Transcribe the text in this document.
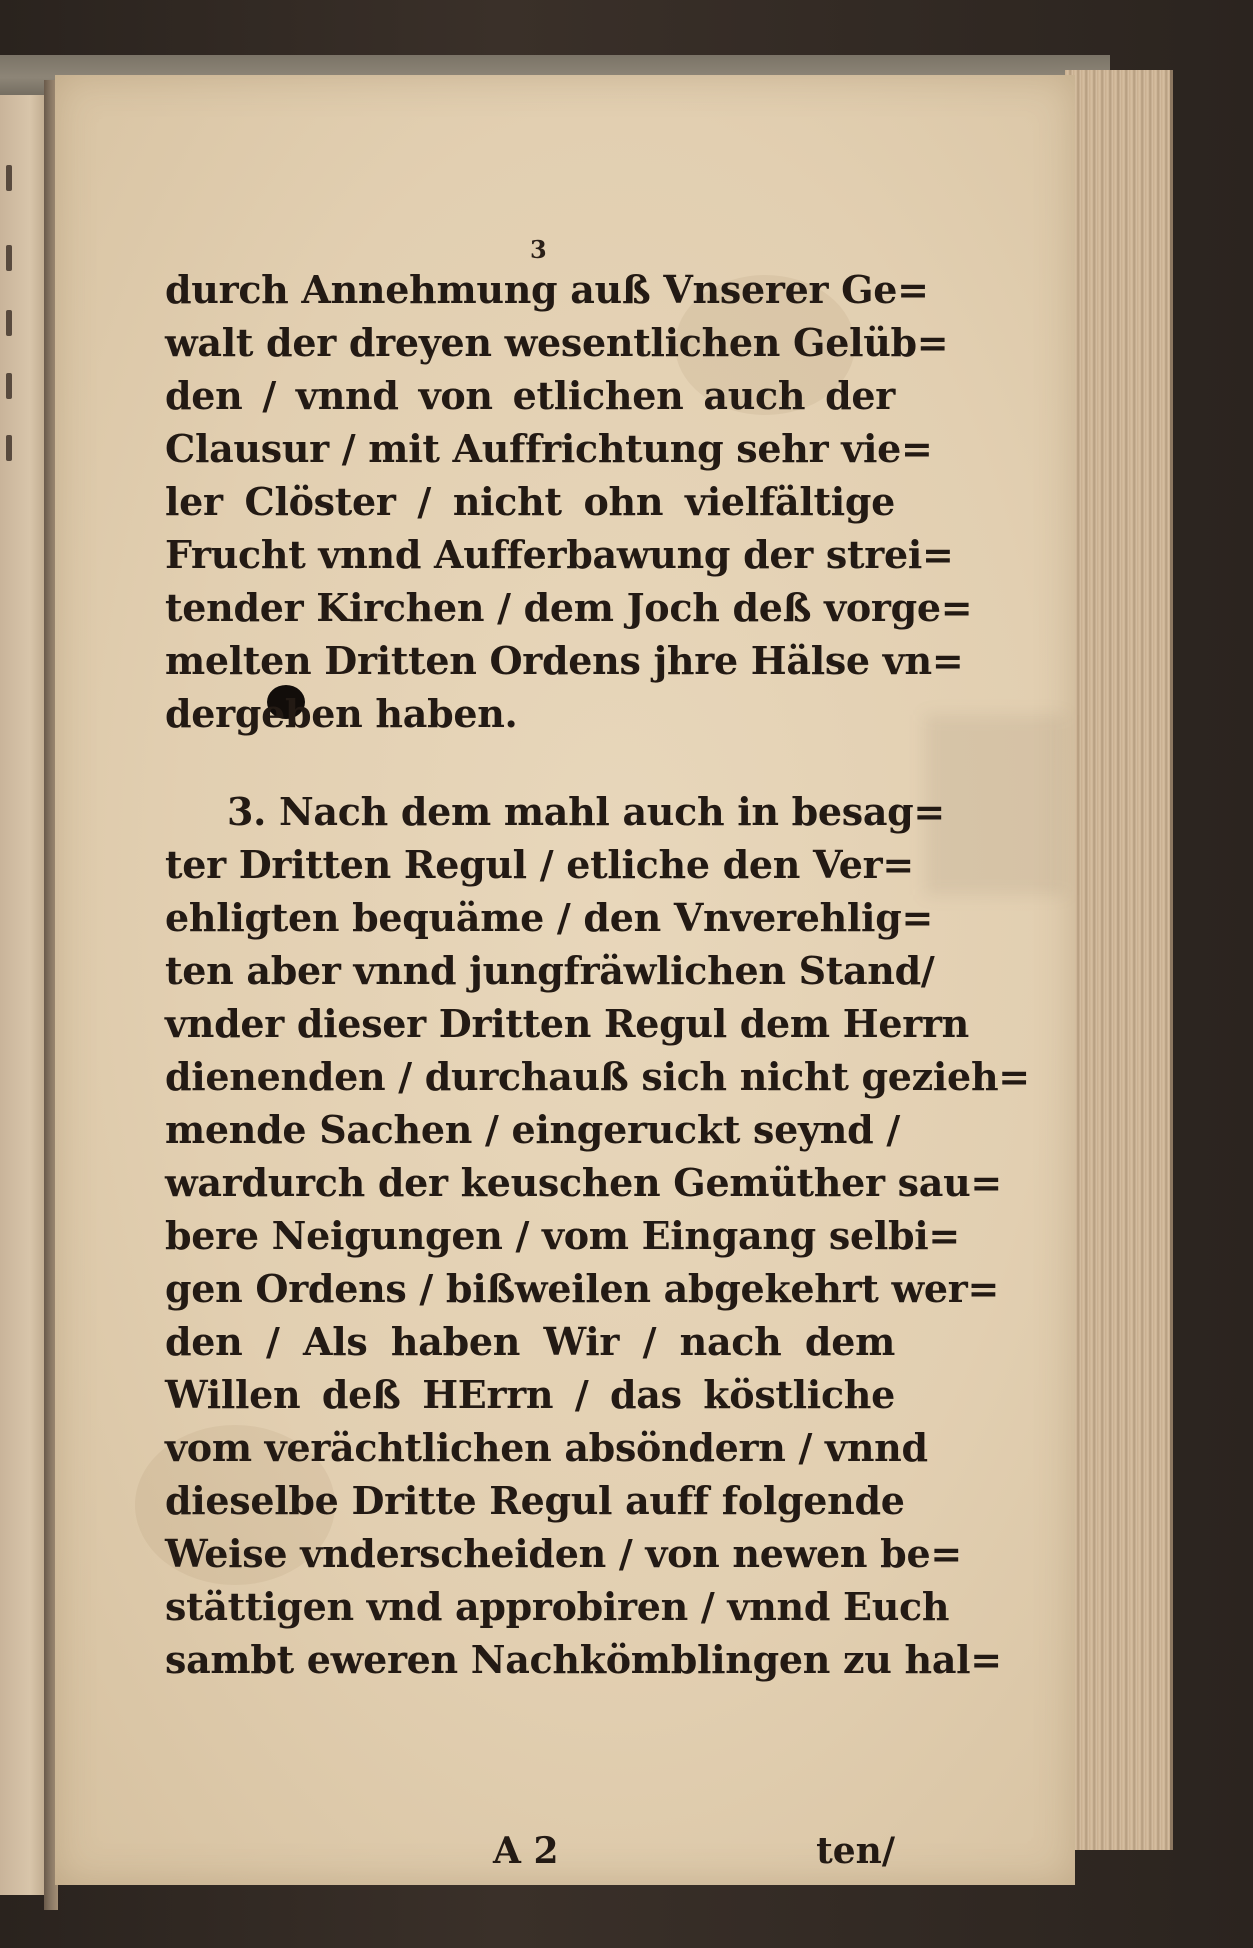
3
durch Annehmung auß Vnserer Ge=
walt der dreyen wesentlichen Gelüb=
den / vnnd von etlichen auch der
Clausur / mit Auffrichtung sehr vie=
ler Clöster / nicht ohn vielfältige
Frucht vnnd Aufferbawung der strei=
tender Kirchen / dem Joch deß vorge=
melten Dritten Ordens jhre Hälse vn=
dergeben haben.
3. Nach dem mahl auch in besag=
ter Dritten Regul / etliche den Ver=
ehligten bequäme / den Vnverehlig=
ten aber vnnd jungfräwlichen Stand/
vnder dieser Dritten Regul dem Herrn
dienenden / durchauß sich nicht gezieh=
mende Sachen / eingeruckt seynd /
wardurch der keuschen Gemüther sau=
bere Neigungen / vom Eingang selbi=
gen Ordens / bißweilen abgekehrt wer=
den / Als haben Wir / nach dem
Willen deß HErrn / das köstliche
vom verächtlichen absöndern / vnnd
dieselbe Dritte Regul auff folgende
Weise vnderscheiden / von newen be=
stättigen vnd approbiren / vnnd Euch
sambt eweren Nachkömblingen zu hal=
A 2	ten/
